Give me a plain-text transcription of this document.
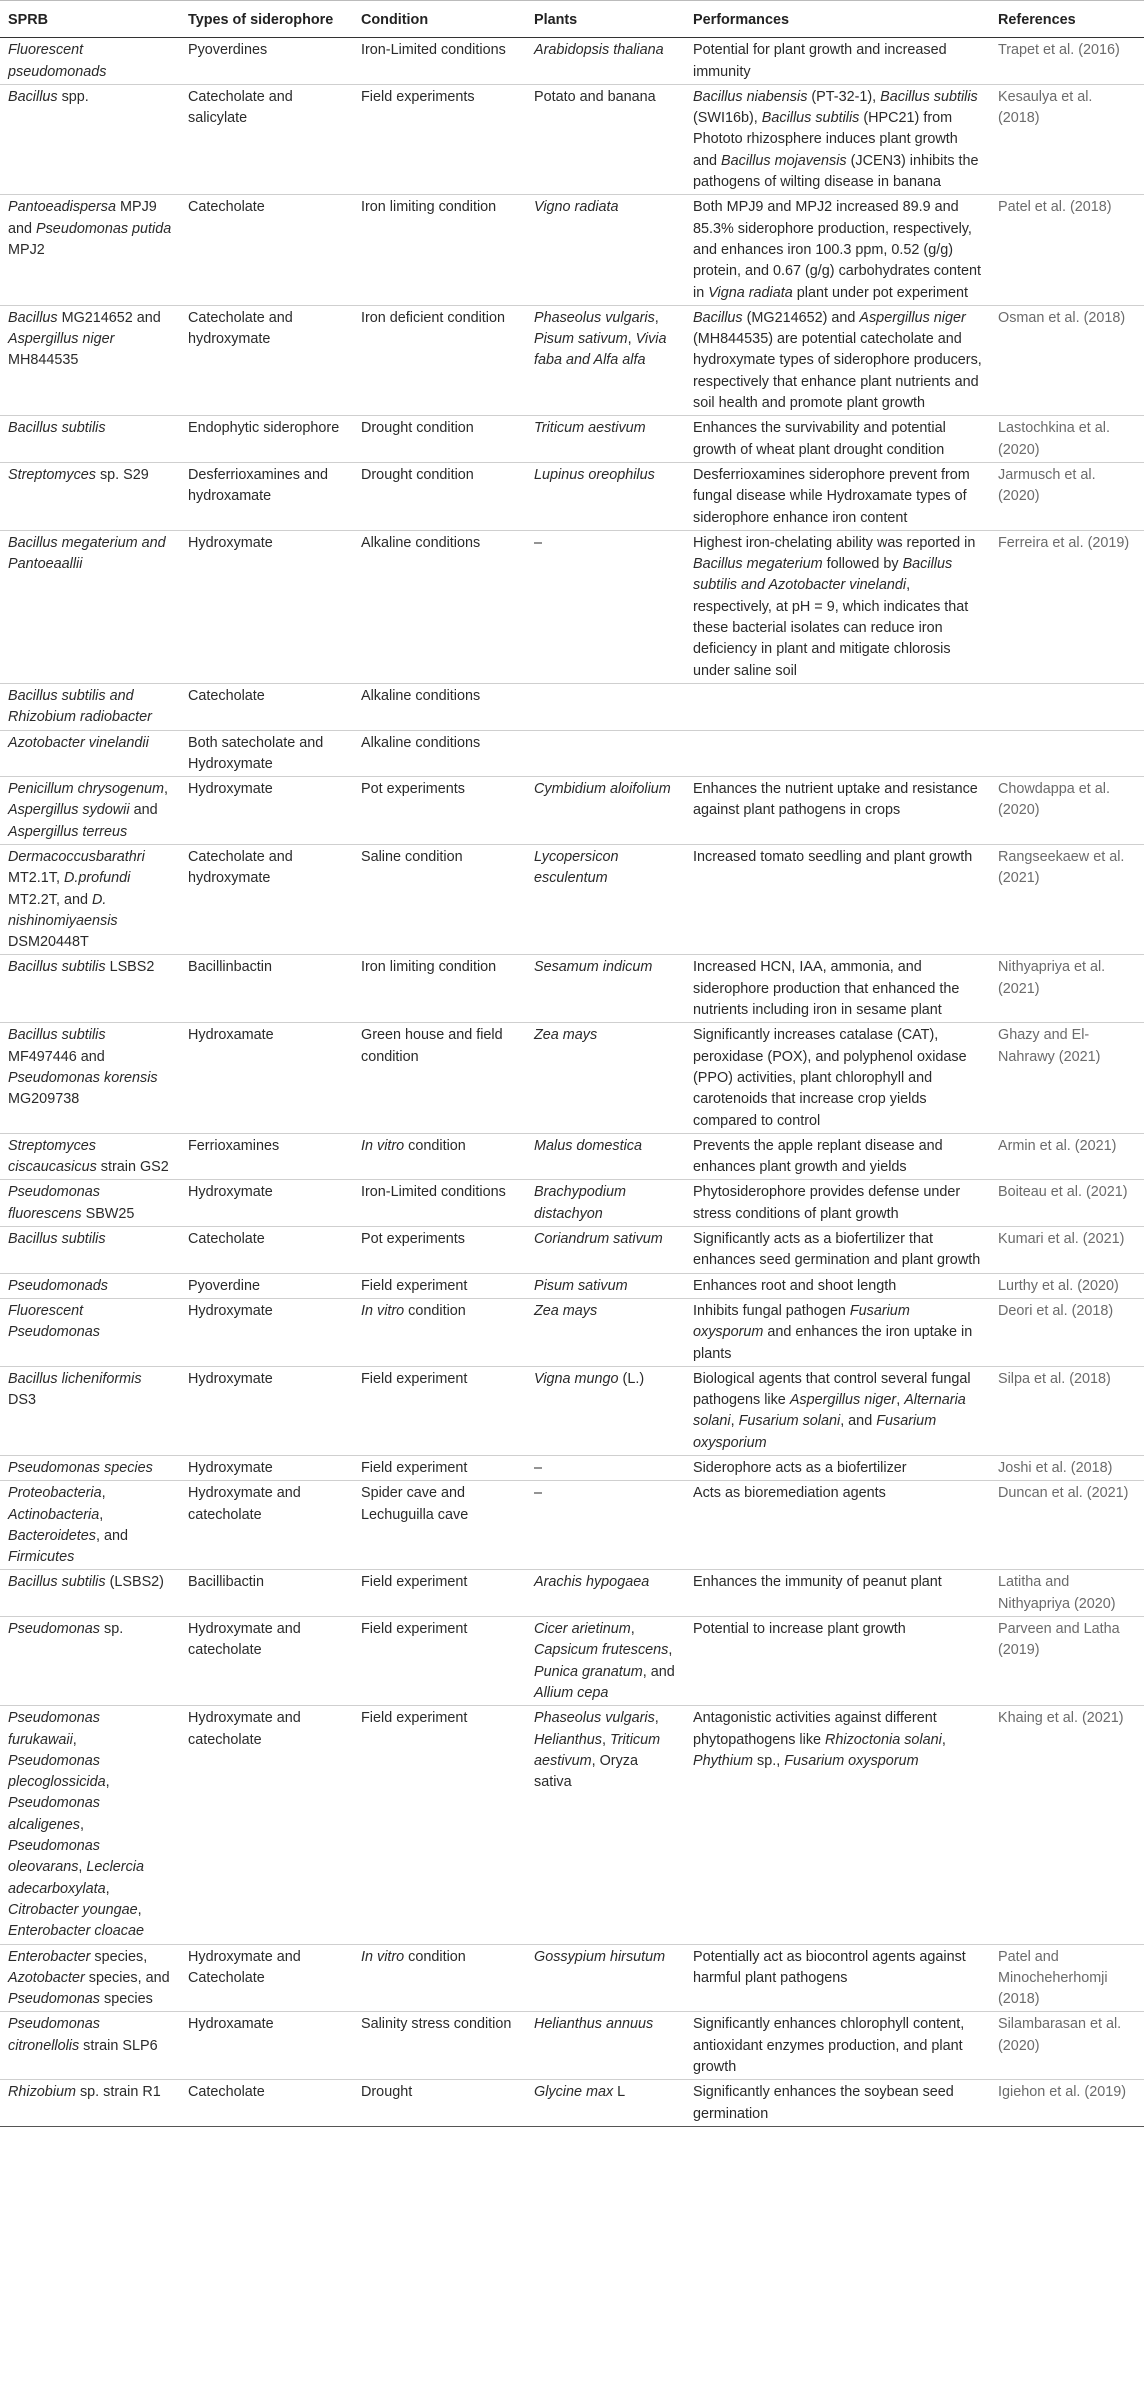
SPRB	Types of siderophore	Condition	Plants	Performances	References
Fluorescent pseudomonads	Pyoverdines	Iron-Limited conditions	Arabidopsis thaliana	Potential for plant growth and increased immunity	Trapet et al. (2016)
Bacillus spp.	Catecholate and salicylate	Field experiments	Potato and banana	Bacillus niabensis (PT-32-1), Bacillus subtilis (SWI16b), Bacillus subtilis (HPC21) from Phototo rhizosphere induces plant growth and Bacillus mojavensis (JCEN3) inhibits the pathogens of wilting disease in banana	Kesaulya et al. (2018)
Pantoeadispersa MPJ9 and Pseudomonas putida MPJ2	Catecholate	Iron limiting condition	Vigno radiata	Both MPJ9 and MPJ2 increased 89.9 and 85.3% siderophore production, respectively, and enhances iron 100.3 ppm, 0.52 (g/g) protein, and 0.67 (g/g) carbohydrates content in Vigna radiata plant under pot experiment	Patel et al. (2018)
Bacillus MG214652 and Aspergillus niger MH844535	Catecholate and hydroxymate	Iron deficient condition	Phaseolus vulgaris, Pisum sativum, Vivia faba and Alfa alfa	Bacillus (MG214652) and Aspergillus niger (MH844535) are potential catecholate and hydroxymate types of siderophore producers, respectively that enhance plant nutrients and soil health and promote plant growth	Osman et al. (2018)
Bacillus subtilis	Endophytic siderophore	Drought condition	Triticum aestivum	Enhances the survivability and potential growth of wheat plant drought condition	Lastochkina et al. (2020)
Streptomyces sp. S29	Desferrioxamines and hydroxamate	Drought condition	Lupinus oreophilus	Desferrioxamines siderophore prevent from fungal disease while Hydroxamate types of siderophore enhance iron content	Jarmusch et al. (2020)
Bacillus megaterium and Pantoeaallii	Hydroxymate	Alkaline conditions	–	Highest iron-chelating ability was reported in Bacillus megaterium followed by Bacillus subtilis and Azotobacter vinelandi, respectively, at pH = 9, which indicates that these bacterial isolates can reduce iron deficiency in plant and mitigate chlorosis under saline soil	Ferreira et al. (2019)
Bacillus subtilis and Rhizobium radiobacter	Catecholate	Alkaline conditions			
Azotobacter vinelandii	Both satecholate and Hydroxymate	Alkaline conditions			
Penicillum chrysogenum, Aspergillus sydowii and Aspergillus terreus	Hydroxymate	Pot experiments	Cymbidium aloifolium	Enhances the nutrient uptake and resistance against plant pathogens in crops	Chowdappa et al. (2020)
Dermacoccusbarathri MT2.1T, D.profundi MT2.2T, and D. nishinomiyaensis DSM20448T	Catecholate and hydroxymate	Saline condition	Lycopersicon esculentum	Increased tomato seedling and plant growth	Rangseekaew et al. (2021)
Bacillus subtilis LSBS2	Bacillinbactin	Iron limiting condition	Sesamum indicum	Increased HCN, IAA, ammonia, and siderophore production that enhanced the nutrients including iron in sesame plant	Nithyapriya et al. (2021)
Bacillus subtilis MF497446 and Pseudomonas korensis MG209738	Hydroxamate	Green house and field condition	Zea mays	Significantly increases catalase (CAT), peroxidase (POX), and polyphenol oxidase (PPO) activities, plant chlorophyll and carotenoids that increase crop yields compared to control	Ghazy and El-Nahrawy (2021)
Streptomyces ciscaucasicus strain GS2	Ferrioxamines	In vitro condition	Malus domestica	Prevents the apple replant disease and enhances plant growth and yields	Armin et al. (2021)
Pseudomonas fluorescens SBW25	Hydroxymate	Iron-Limited conditions	Brachypodium distachyon	Phytosiderophore provides defense under stress conditions of plant growth	Boiteau et al. (2021)
Bacillus subtilis	Catecholate	Pot experiments	Coriandrum sativum	Significantly acts as a biofertilizer that enhances seed germination and plant growth	Kumari et al. (2021)
Pseudomonads	Pyoverdine	Field experiment	Pisum sativum	Enhances root and shoot length	Lurthy et al. (2020)
Fluorescent Pseudomonas	Hydroxymate	In vitro condition	Zea mays	Inhibits fungal pathogen Fusarium oxysporum and enhances the iron uptake in plants	Deori et al. (2018)
Bacillus licheniformis DS3	Hydroxymate	Field experiment	Vigna mungo (L.)	Biological agents that control several fungal pathogens like Aspergillus niger, Alternaria solani, Fusarium solani, and Fusarium oxysporium	Silpa et al. (2018)
Pseudomonas species	Hydroxymate	Field experiment	–	Siderophore acts as a biofertilizer	Joshi et al. (2018)
Proteobacteria, Actinobacteria, Bacteroidetes, and Firmicutes	Hydroxymate and catecholate	Spider cave and Lechuguilla cave	–	Acts as bioremediation agents	Duncan et al. (2021)
Bacillus subtilis (LSBS2)	Bacillibactin	Field experiment	Arachis hypogaea	Enhances the immunity of peanut plant	Latitha and Nithyapriya (2020)
Pseudomonas sp.	Hydroxymate and catecholate	Field experiment	Cicer arietinum, Capsicum frutescens, Punica granatum, and Allium cepa	Potential to increase plant growth	Parveen and Latha (2019)
Pseudomonas furukawaii, Pseudomonas plecoglossicida, Pseudomonas alcaligenes, Pseudomonas oleovarans, Leclercia adecarboxylata, Citrobacter youngae, Enterobacter cloacae	Hydroxymate and catecholate	Field experiment	Phaseolus vulgaris, Helianthus, Triticum aestivum, Oryza sativa	Antagonistic activities against different phytopathogens like Rhizoctonia solani, Phythium sp., Fusarium oxysporum	Khaing et al. (2021)
Enterobacter species, Azotobacter species, and Pseudomonas species	Hydroxymate and Catecholate	In vitro condition	Gossypium hirsutum	Potentially act as biocontrol agents against harmful plant pathogens	Patel and Minocheherhomji (2018)
Pseudomonas citronellolis strain SLP6	Hydroxamate	Salinity stress condition	Helianthus annuus	Significantly enhances chlorophyll content, antioxidant enzymes production, and plant growth	Silambarasan et al. (2020)
Rhizobium sp. strain R1	Catecholate	Drought	Glycine max L	Significantly enhances the soybean seed germination	Igiehon et al. (2019)
